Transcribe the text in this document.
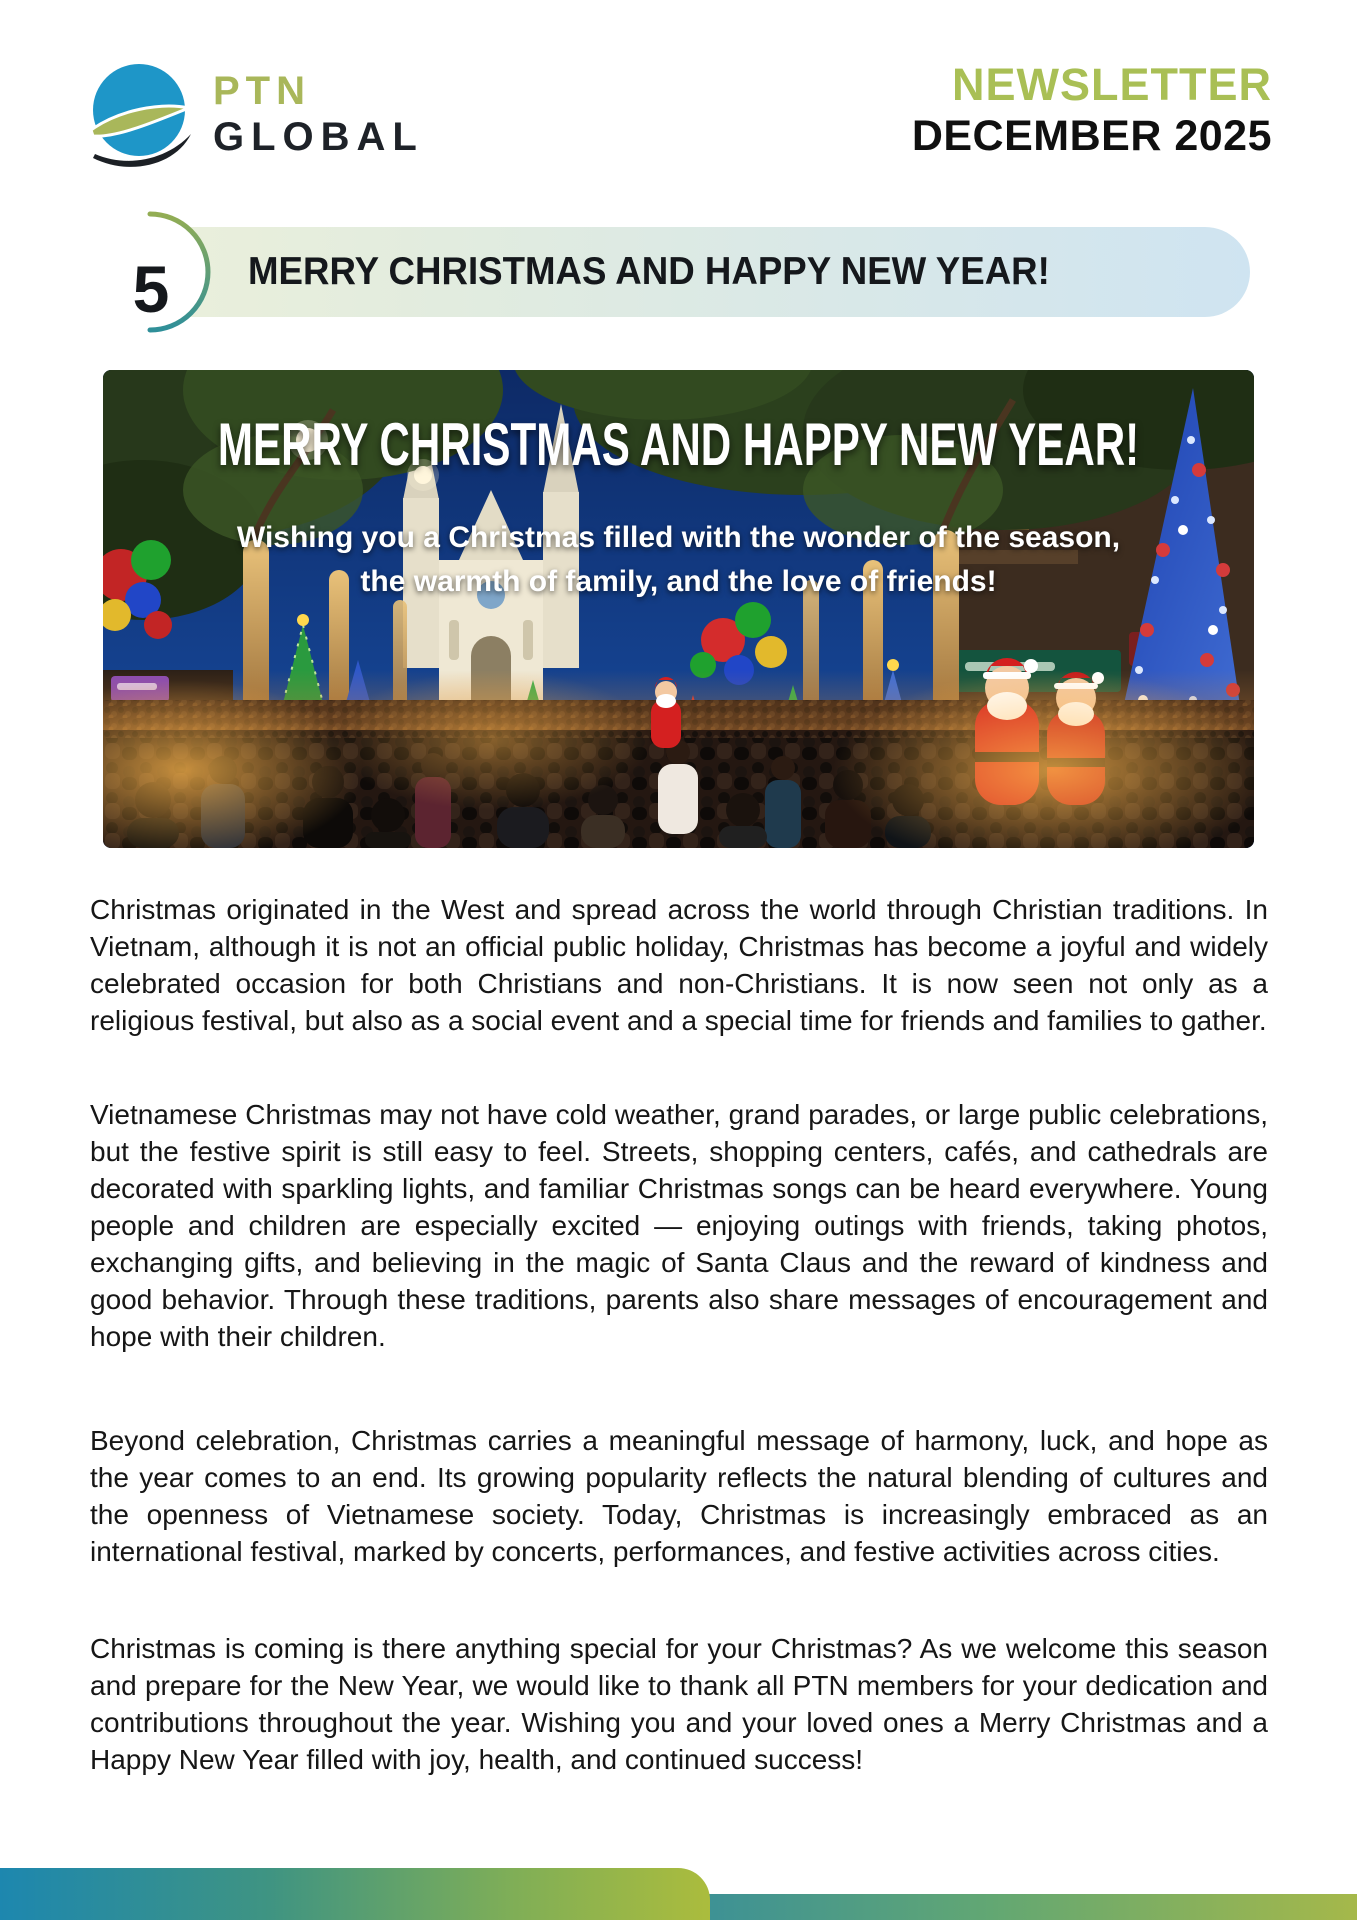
PTN
GLOBAL
NEWSLETTER
DECEMBER 2025
5	MERRY CHRISTMAS AND HAPPY NEW YEAR!
MERRY CHRISTMAS AND HAPPY NEW YEAR!
Wishing you a Christmas filled with the wonder of the season,
the warmth of family, and the love of friends!

Christmas originated in the West and spread across the world through Christian traditions. In Vietnam, although it is not an official public holiday, Christmas has become a joyful and widely celebrated occasion for both Christians and non-Christians. It is now seen not only as a religious festival, but also as a social event and a special time for friends and families to gather.

Vietnamese Christmas may not have cold weather, grand parades, or large public celebrations, but the festive spirit is still easy to feel. Streets, shopping centers, cafés, and cathedrals are decorated with sparkling lights, and familiar Christmas songs can be heard everywhere. Young people and children are especially excited — enjoying outings with friends, taking photos, exchanging gifts, and believing in the magic of Santa Claus and the reward of kindness and good behavior. Through these traditions, parents also share messages of encouragement and hope with their children.

Beyond celebration, Christmas carries a meaningful message of harmony, luck, and hope as the year comes to an end. Its growing popularity reflects the natural blending of cultures and the openness of Vietnamese society. Today, Christmas is increasingly embraced as an international festival, marked by concerts, performances, and festive activities across cities.

Christmas is coming is there anything special for your Christmas? As we welcome this season and prepare for the New Year, we would like to thank all PTN members for your dedication and contributions throughout the year. Wishing you and your loved ones a Merry Christmas and a Happy New Year filled with joy, health, and continued success!
